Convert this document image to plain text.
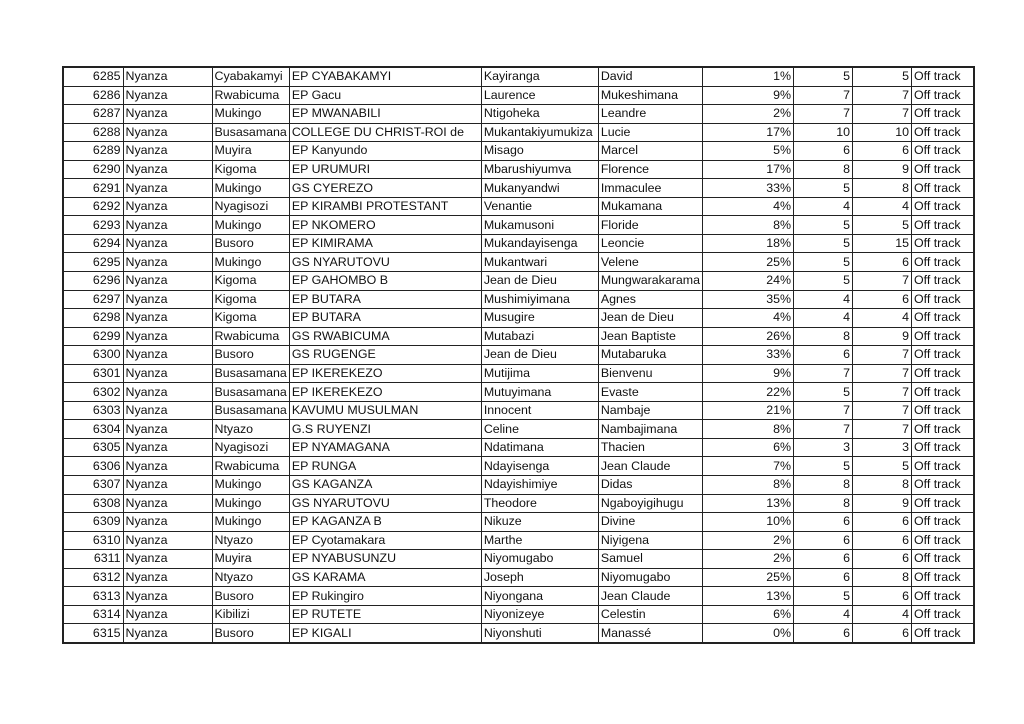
6285	Nyanza	Cyabakamyi	EP CYABAKAMYI	Kayiranga	David	1%	5	5	Off track
6286	Nyanza	Rwabicuma	EP Gacu	Laurence	Mukeshimana	9%	7	7	Off track
6287	Nyanza	Mukingo	EP MWANABILI	Ntigoheka	Leandre	2%	7	7	Off track
6288	Nyanza	Busasamana	COLLEGE DU CHRIST-ROI de	Mukantakiyumukiza	Lucie	17%	10	10	Off track
6289	Nyanza	Muyira	EP Kanyundo	Misago	Marcel	5%	6	6	Off track
6290	Nyanza	Kigoma	EP URUMURI	Mbarushiyumva	Florence	17%	8	9	Off track
6291	Nyanza	Mukingo	GS CYEREZO	Mukanyandwi	Immaculee	33%	5	8	Off track
6292	Nyanza	Nyagisozi	EP KIRAMBI PROTESTANT	Venantie	Mukamana	4%	4	4	Off track
6293	Nyanza	Mukingo	EP NKOMERO	Mukamusoni	Floride	8%	5	5	Off track
6294	Nyanza	Busoro	EP KIMIRAMA	Mukandayisenga	Leoncie	18%	5	15	Off track
6295	Nyanza	Mukingo	GS NYARUTOVU	Mukantwari	Velene	25%	5	6	Off track
6296	Nyanza	Kigoma	EP GAHOMBO B	Jean de Dieu	Mungwarakarama	24%	5	7	Off track
6297	Nyanza	Kigoma	EP BUTARA	Mushimiyimana	Agnes	35%	4	6	Off track
6298	Nyanza	Kigoma	EP BUTARA	Musugire	Jean de Dieu	4%	4	4	Off track
6299	Nyanza	Rwabicuma	GS RWABICUMA	Mutabazi	Jean Baptiste	26%	8	9	Off track
6300	Nyanza	Busoro	GS RUGENGE	Jean de Dieu	Mutabaruka	33%	6	7	Off track
6301	Nyanza	Busasamana	EP IKEREKEZO	Mutijima	Bienvenu	9%	7	7	Off track
6302	Nyanza	Busasamana	EP IKEREKEZO	Mutuyimana	Evaste	22%	5	7	Off track
6303	Nyanza	Busasamana	KAVUMU MUSULMAN	Innocent	Nambaje	21%	7	7	Off track
6304	Nyanza	Ntyazo	G.S RUYENZI	Celine	Nambajimana	8%	7	7	Off track
6305	Nyanza	Nyagisozi	EP NYAMAGANA	Ndatimana	Thacien	6%	3	3	Off track
6306	Nyanza	Rwabicuma	EP RUNGA	Ndayisenga	Jean Claude	7%	5	5	Off track
6307	Nyanza	Mukingo	GS KAGANZA	Ndayishimiye	Didas	8%	8	8	Off track
6308	Nyanza	Mukingo	GS NYARUTOVU	Theodore	Ngaboyigihugu	13%	8	9	Off track
6309	Nyanza	Mukingo	EP KAGANZA B	Nikuze	Divine	10%	6	6	Off track
6310	Nyanza	Ntyazo	EP Cyotamakara	Marthe	Niyigena	2%	6	6	Off track
6311	Nyanza	Muyira	EP NYABUSUNZU	Niyomugabo	Samuel	2%	6	6	Off track
6312	Nyanza	Ntyazo	GS KARAMA	Joseph	Niyomugabo	25%	6	8	Off track
6313	Nyanza	Busoro	EP Rukingiro	Niyongana	Jean Claude	13%	5	6	Off track
6314	Nyanza	Kibilizi	EP RUTETE	Niyonizeye	Celestin	6%	4	4	Off track
6315	Nyanza	Busoro	EP KIGALI	Niyonshuti	Manassé	0%	6	6	Off track
